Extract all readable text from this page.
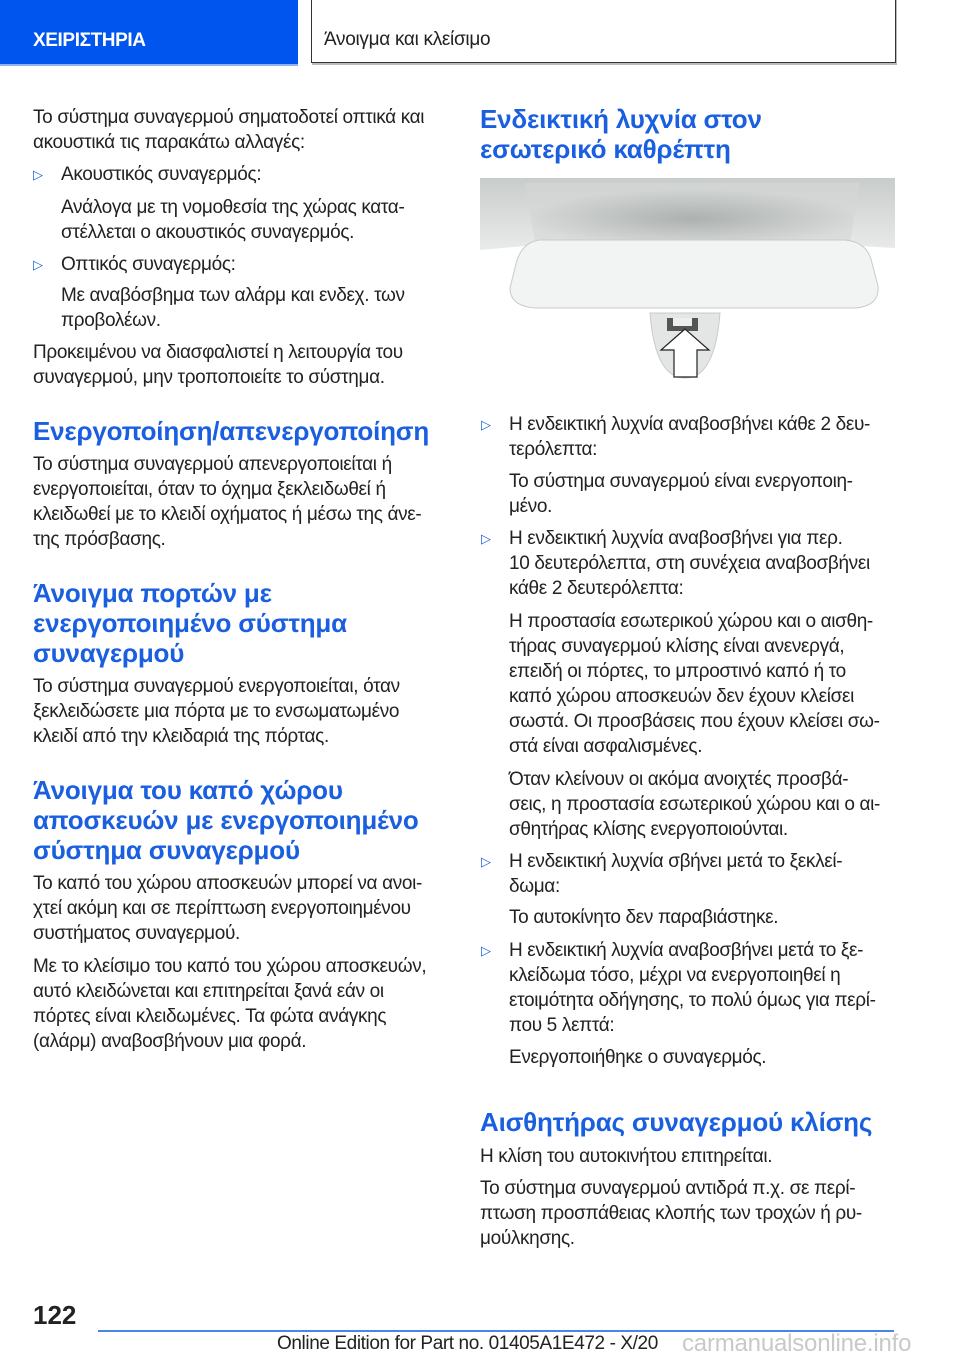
ΧΕΙΡΙΣΤΗΡΙΑ	Άνοιγμα και κλείσιμο
Το σύστημα συναγερμού σηματοδοτεί οπτικά και
ακουστικά τις παρακάτω αλλαγές:
▷ Ακουστικός συναγερμός:
Ανάλογα με τη νομοθεσία της χώρας κατα-
στέλλεται ο ακουστικός συναγερμός.
▷ Οπτικός συναγερμός:
Με αναβόσβημα των αλάρμ και ενδεχ. των
προβολέων.
Προκειμένου να διασφαλιστεί η λειτουργία του
συναγερμού, μην τροποποιείτε το σύστημα.
Ενεργοποίηση/απενεργοποίηση
Το σύστημα συναγερμού απενεργοποιείται ή
ενεργοποιείται, όταν το όχημα ξεκλειδωθεί ή
κλειδωθεί με το κλειδί οχήματος ή μέσω της άνε-
της πρόσβασης.
Άνοιγμα πορτών με
ενεργοποιημένο σύστημα
συναγερμού
Το σύστημα συναγερμού ενεργοποιείται, όταν
ξεκλειδώσετε μια πόρτα με το ενσωματωμένο
κλειδί από την κλειδαριά της πόρτας.
Άνοιγμα του καπό χώρου
αποσκευών με ενεργοποιημένο
σύστημα συναγερμού
Το καπό του χώρου αποσκευών μπορεί να ανοι-
χτεί ακόμη και σε περίπτωση ενεργοποιημένου
συστήματος συναγερμού.
Με το κλείσιμο του καπό του χώρου αποσκευών,
αυτό κλειδώνεται και επιτηρείται ξανά εάν οι
πόρτες είναι κλειδωμένες. Τα φώτα ανάγκης
(αλάρμ) αναβοσβήνουν μια φορά.
Ενδεικτική λυχνία στον
εσωτερικό καθρέπτη
▷ Η ενδεικτική λυχνία αναβοσβήνει κάθε 2 δευ-
τερόλεπτα:
Το σύστημα συναγερμού είναι ενεργοποιη-
μένο.
▷ Η ενδεικτική λυχνία αναβοσβήνει για περ.
10 δευτερόλεπτα, στη συνέχεια αναβοσβήνει
κάθε 2 δευτερόλεπτα:
Η προστασία εσωτερικού χώρου και ο αισθη-
τήρας συναγερμού κλίσης είναι ανενεργά,
επειδή οι πόρτες, το μπροστινό καπό ή το
καπό χώρου αποσκευών δεν έχουν κλείσει
σωστά. Οι προσβάσεις που έχουν κλείσει σω-
στά είναι ασφαλισμένες.
Όταν κλείνουν οι ακόμα ανοιχτές προσβά-
σεις, η προστασία εσωτερικού χώρου και ο αι-
σθητήρας κλίσης ενεργοποιούνται.
▷ Η ενδεικτική λυχνία σβήνει μετά το ξεκλεί-
δωμα:
Το αυτοκίνητο δεν παραβιάστηκε.
▷ Η ενδεικτική λυχνία αναβοσβήνει μετά το ξε-
κλείδωμα τόσο, μέχρι να ενεργοποιηθεί η
ετοιμότητα οδήγησης, το πολύ όμως για περί-
που 5 λεπτά:
Ενεργοποιήθηκε ο συναγερμός.
Αισθητήρας συναγερμού κλίσης
Η κλίση του αυτοκινήτου επιτηρείται.
Το σύστημα συναγερμού αντιδρά π.χ. σε περί-
πτωση προσπάθειας κλοπής των τροχών ή ρυ-
μούλκησης.
122
Online Edition for Part no. 01405A1E472 - X/20 carmanualsonline.info
